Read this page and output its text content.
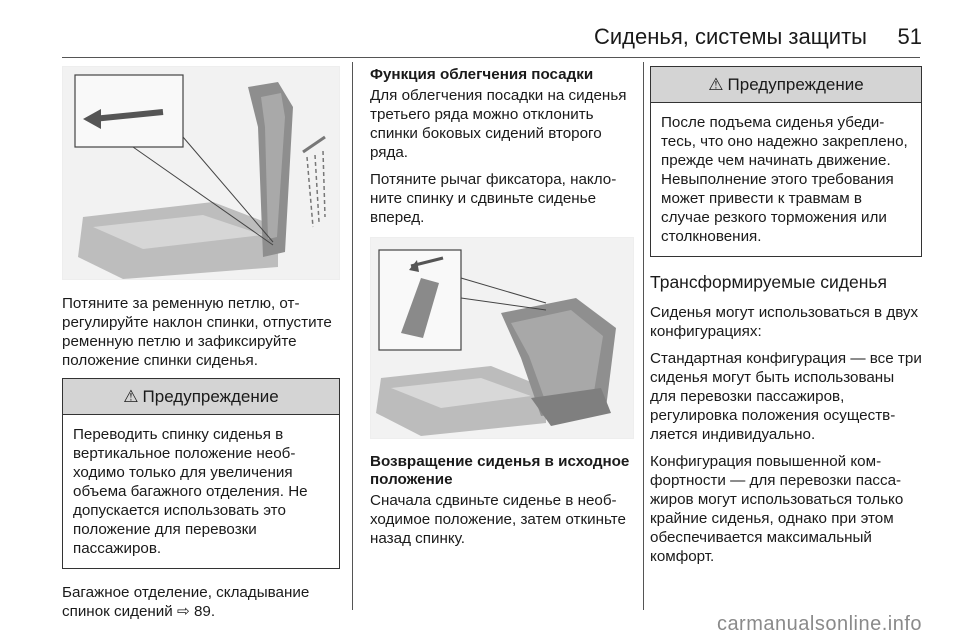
Сиденья, системы защиты 51

Потяните за ременную петлю, отрегулируйте наклон спинки, отпустите ременную петлю и зафиксируйте положение спинки сиденья.

⚠ Предупреждение
Переводить спинку сиденья в вертикальное положение необходимо только для увеличения объема багажного отделения. Не допускается использовать это положение для перевозки пассажиров.

Багажное отделение, складывание спинок сидений ⇨ 89.

Функция облегчения посадки

Для облегчения посадки на сиденья третьего ряда можно отклонить спинки боковых сидений второго ряда.

Потяните рычаг фиксатора, наклоните спинку и сдвиньте сиденье вперед.

Возвращение сиденья в исходное положение

Сначала сдвиньте сиденье в необходимое положение, затем откиньте назад спинку.

⚠ Предупреждение
После подъема сиденья убедитесь, что оно надежно закреплено, прежде чем начинать движение. Невыполнение этого требования может привести к травмам в случае резкого торможения или столкновения.
Трансформируемые сиденья

Сиденья могут использоваться в двух конфигурациях:

Стандартная конфигурация — все три сиденья могут быть использованы для перевозки пассажиров, регулировка положения осуществляется индивидуально.

Конфигурация повышенной комфортности — для перевозки пассажиров могут использоваться только крайние сиденья, однако при этом обеспечивается максимальный комфорт.

carmanualsonline.info
